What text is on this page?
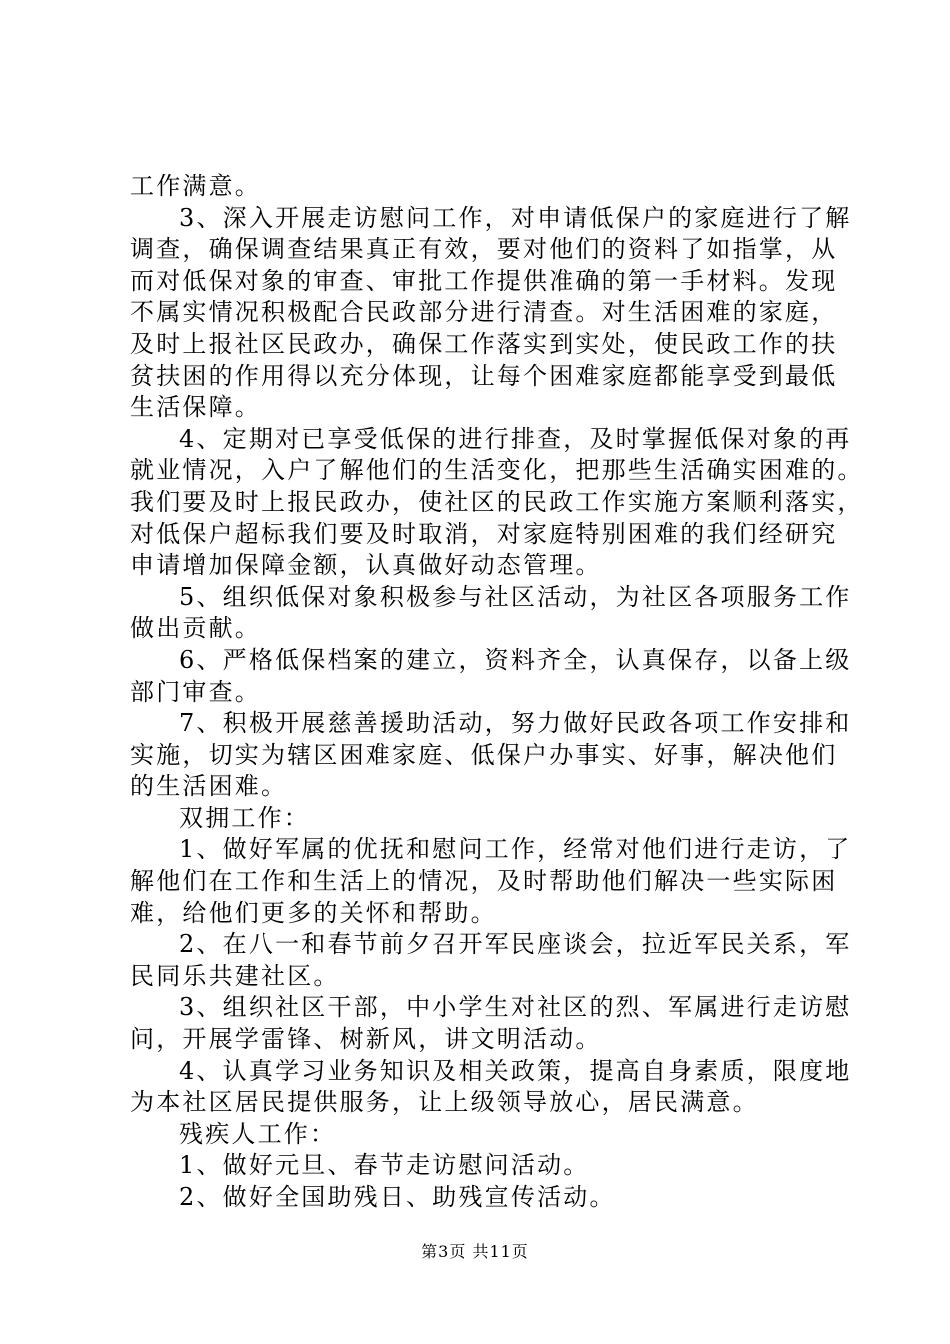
工作满意。
3、深入开展走访慰问工作，对申请低保户的家庭进行了解
调查，确保调查结果真正有效，要对他们的资料了如指掌，从
而对低保对象的审查、审批工作提供准确的第一手材料。发现
不属实情况积极配合民政部分进行清查。对生活困难的家庭，
及时上报社区民政办，确保工作落实到实处，使民政工作的扶
贫扶困的作用得以充分体现，让每个困难家庭都能享受到最低
生活保障。
4、定期对已享受低保的进行排查，及时掌握低保对象的再
就业情况，入户了解他们的生活变化，把那些生活确实困难的。
我们要及时上报民政办，使社区的民政工作实施方案顺利落实，
对低保户超标我们要及时取消，对家庭特别困难的我们经研究
申请增加保障金额，认真做好动态管理。
5、组织低保对象积极参与社区活动，为社区各项服务工作
做出贡献。
6、严格低保档案的建立，资料齐全，认真保存，以备上级
部门审查。
7、积极开展慈善援助活动，努力做好民政各项工作安排和
实施，切实为辖区困难家庭、低保户办事实、好事，解决他们
的生活困难。
双拥工作：
1、做好军属的优抚和慰问工作，经常对他们进行走访，了
解他们在工作和生活上的情况，及时帮助他们解决一些实际困
难，给他们更多的关怀和帮助。
2、在八一和春节前夕召开军民座谈会，拉近军民关系，军
民同乐共建社区。
3、组织社区干部，中小学生对社区的烈、军属进行走访慰
问，开展学雷锋、树新风，讲文明活动。
4、认真学习业务知识及相关政策，提高自身素质，限度地
为本社区居民提供服务，让上级领导放心，居民满意。
残疾人工作：
1、做好元旦、春节走访慰问活动。
2、做好全国助残日、助残宣传活动。
第3页 共11页
